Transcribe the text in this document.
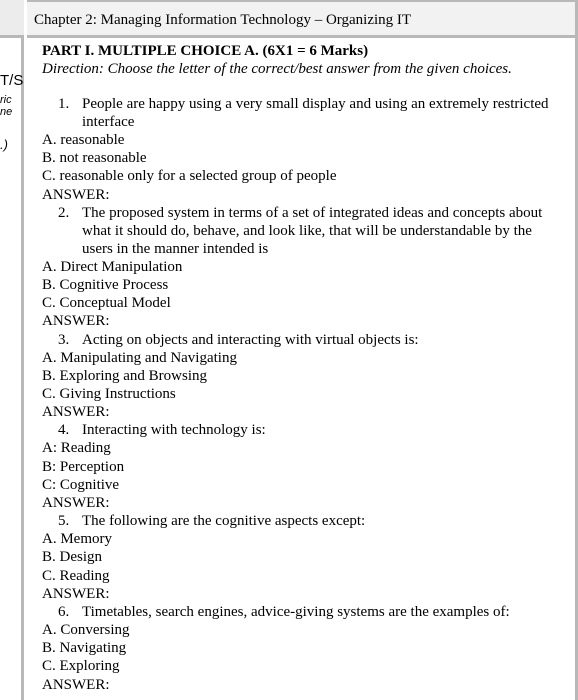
T/S
ric
ne
.)
Chapter 2: Managing Information Technology – Organizing IT
PART I. MULTIPLE CHOICE A. (6X1 = 6 Marks)
Direction: Choose the letter of the correct/best answer from the given choices.
1. People are happy using a very small display and using an extremely restricted interface
A. reasonable
B. not reasonable
C. reasonable only for a selected group of people
ANSWER:
2. The proposed system in terms of a set of integrated ideas and concepts about what it should do, behave, and look like, that will be understandable by the users in the manner intended is
A. Direct Manipulation
B. Cognitive Process
C. Conceptual Model
ANSWER:
3. Acting on objects and interacting with virtual objects is:
A. Manipulating and Navigating
B. Exploring and Browsing
C. Giving Instructions
ANSWER:
4. Interacting with technology is:
A: Reading
B: Perception
C: Cognitive
ANSWER:
5. The following are the cognitive aspects except:
A. Memory
B. Design
C. Reading
ANSWER:
6. Timetables, search engines, advice-giving systems are the examples of:
A. Conversing
B. Navigating
C. Exploring
ANSWER:
